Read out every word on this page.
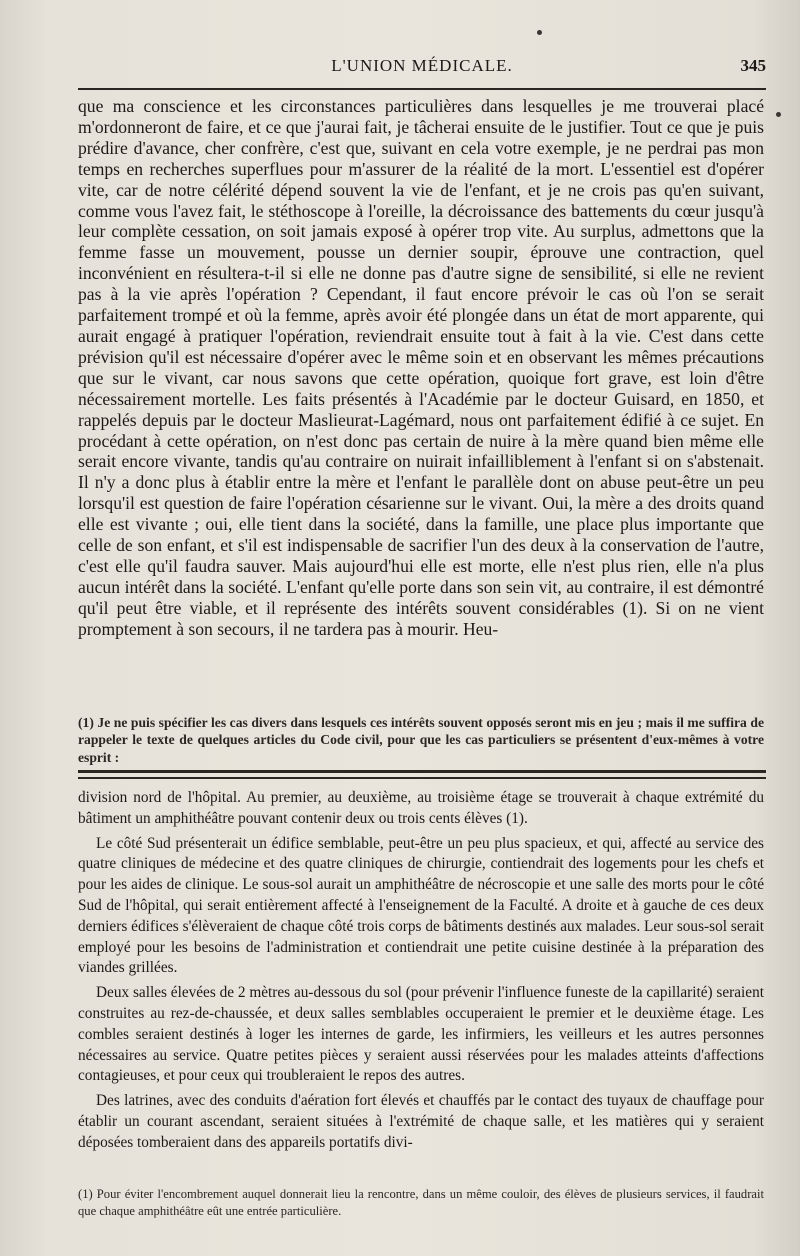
L'UNION MÉDICALE.	345

que ma conscience et les circonstances particulières dans lesquelles je me trouverai placé m'ordonneront de faire, et ce que j'aurai fait, je tâcherai ensuite de le justifier. Tout ce que je puis prédire d'avance, cher confrère, c'est que, suivant en cela votre exemple, je ne perdrai pas mon temps en recherches superflues pour m'assurer de la réalité de la mort. L'essentiel est d'opérer vite, car de notre célérité dépend souvent la vie de l'enfant, et je ne crois pas qu'en suivant, comme vous l'avez fait, le stéthoscope à l'oreille, la décroissance des battements du cœur jusqu'à leur complète cessation, on soit jamais exposé à opérer trop vite. Au surplus, admettons que la femme fasse un mouvement, pousse un dernier soupir, éprouve une contraction, quel inconvénient en résultera-t-il si elle ne donne pas d'autre signe de sensibilité, si elle ne revient pas à la vie après l'opération ? Cependant, il faut encore prévoir le cas où l'on se serait parfaitement trompé et où la femme, après avoir été plongée dans un état de mort apparente, qui aurait engagé à pratiquer l'opération, reviendrait ensuite tout à fait à la vie. C'est dans cette prévision qu'il est nécessaire d'opérer avec le même soin et en observant les mêmes précautions que sur le vivant, car nous savons que cette opération, quoique fort grave, est loin d'être nécessairement mortelle. Les faits présentés à l'Académie par le docteur Guisard, en 1850, et rappelés depuis par le docteur Maslieurat-Lagémard, nous ont parfaitement édifié à ce sujet. En procédant à cette opération, on n'est donc pas certain de nuire à la mère quand bien même elle serait encore vivante, tandis qu'au contraire on nuirait infailliblement à l'enfant si on s'abstenait. Il n'y a donc plus à établir entre la mère et l'enfant le parallèle dont on abuse peut-être un peu lorsqu'il est question de faire l'opération césarienne sur le vivant. Oui, la mère a des droits quand elle est vivante ; oui, elle tient dans la société, dans la famille, une place plus importante que celle de son enfant, et s'il est indispensable de sacrifier l'un des deux à la conservation de l'autre, c'est elle qu'il faudra sauver. Mais aujourd'hui elle est morte, elle n'est plus rien, elle n'a plus aucun intérêt dans la société. L'enfant qu'elle porte dans son sein vit, au contraire, il est démontré qu'il peut être viable, et il représente des intérêts souvent considérables (1). Si on ne vient promptement à son secours, il ne tardera pas à mourir. Heu-

(1) Je ne puis spécifier les cas divers dans lesquels ces intérêts souvent opposés seront mis en jeu ; mais il me suffira de rappeler le texte de quelques articles du Code civil, pour que les cas particuliers se présentent d'eux-mêmes à votre esprit :

division nord de l'hôpital. Au premier, au deuxième, au troisième étage se trouverait à chaque extrémité du bâtiment un amphithéâtre pouvant contenir deux ou trois cents élèves (1).

Le côté Sud présenterait un édifice semblable, peut-être un peu plus spacieux, et qui, affecté au service des quatre cliniques de médecine et des quatre cliniques de chirurgie, contiendrait des logements pour les chefs et pour les aides de clinique. Le sous-sol aurait un amphithéâtre de nécroscopie et une salle des morts pour le côté Sud de l'hôpital, qui serait entièrement affecté à l'enseignement de la Faculté. A droite et à gauche de ces deux derniers édifices s'élèveraient de chaque côté trois corps de bâtiments destinés aux malades. Leur sous-sol serait employé pour les besoins de l'administration et contiendrait une petite cuisine destinée à la préparation des viandes grillées.

Deux salles élevées de 2 mètres au-dessous du sol (pour prévenir l'influence funeste de la capillarité) seraient construites au rez-de-chaussée, et deux salles semblables occuperaient le premier et le deuxième étage. Les combles seraient destinés à loger les internes de garde, les infirmiers, les veilleurs et les autres personnes nécessaires au service. Quatre petites pièces y seraient aussi réservées pour les malades atteints d'affections contagieuses, et pour ceux qui troubleraient le repos des autres.

Des latrines, avec des conduits d'aération fort élevés et chauffés par le contact des tuyaux de chauffage pour établir un courant ascendant, seraient situées à l'extrémité de chaque salle, et les matières qui y seraient déposées tomberaient dans des appareils portatifs divi-

(1) Pour éviter l'encombrement auquel donnerait lieu la rencontre, dans un même couloir, des élèves de plusieurs services, il faudrait que chaque amphithéâtre eût une entrée particulière.
